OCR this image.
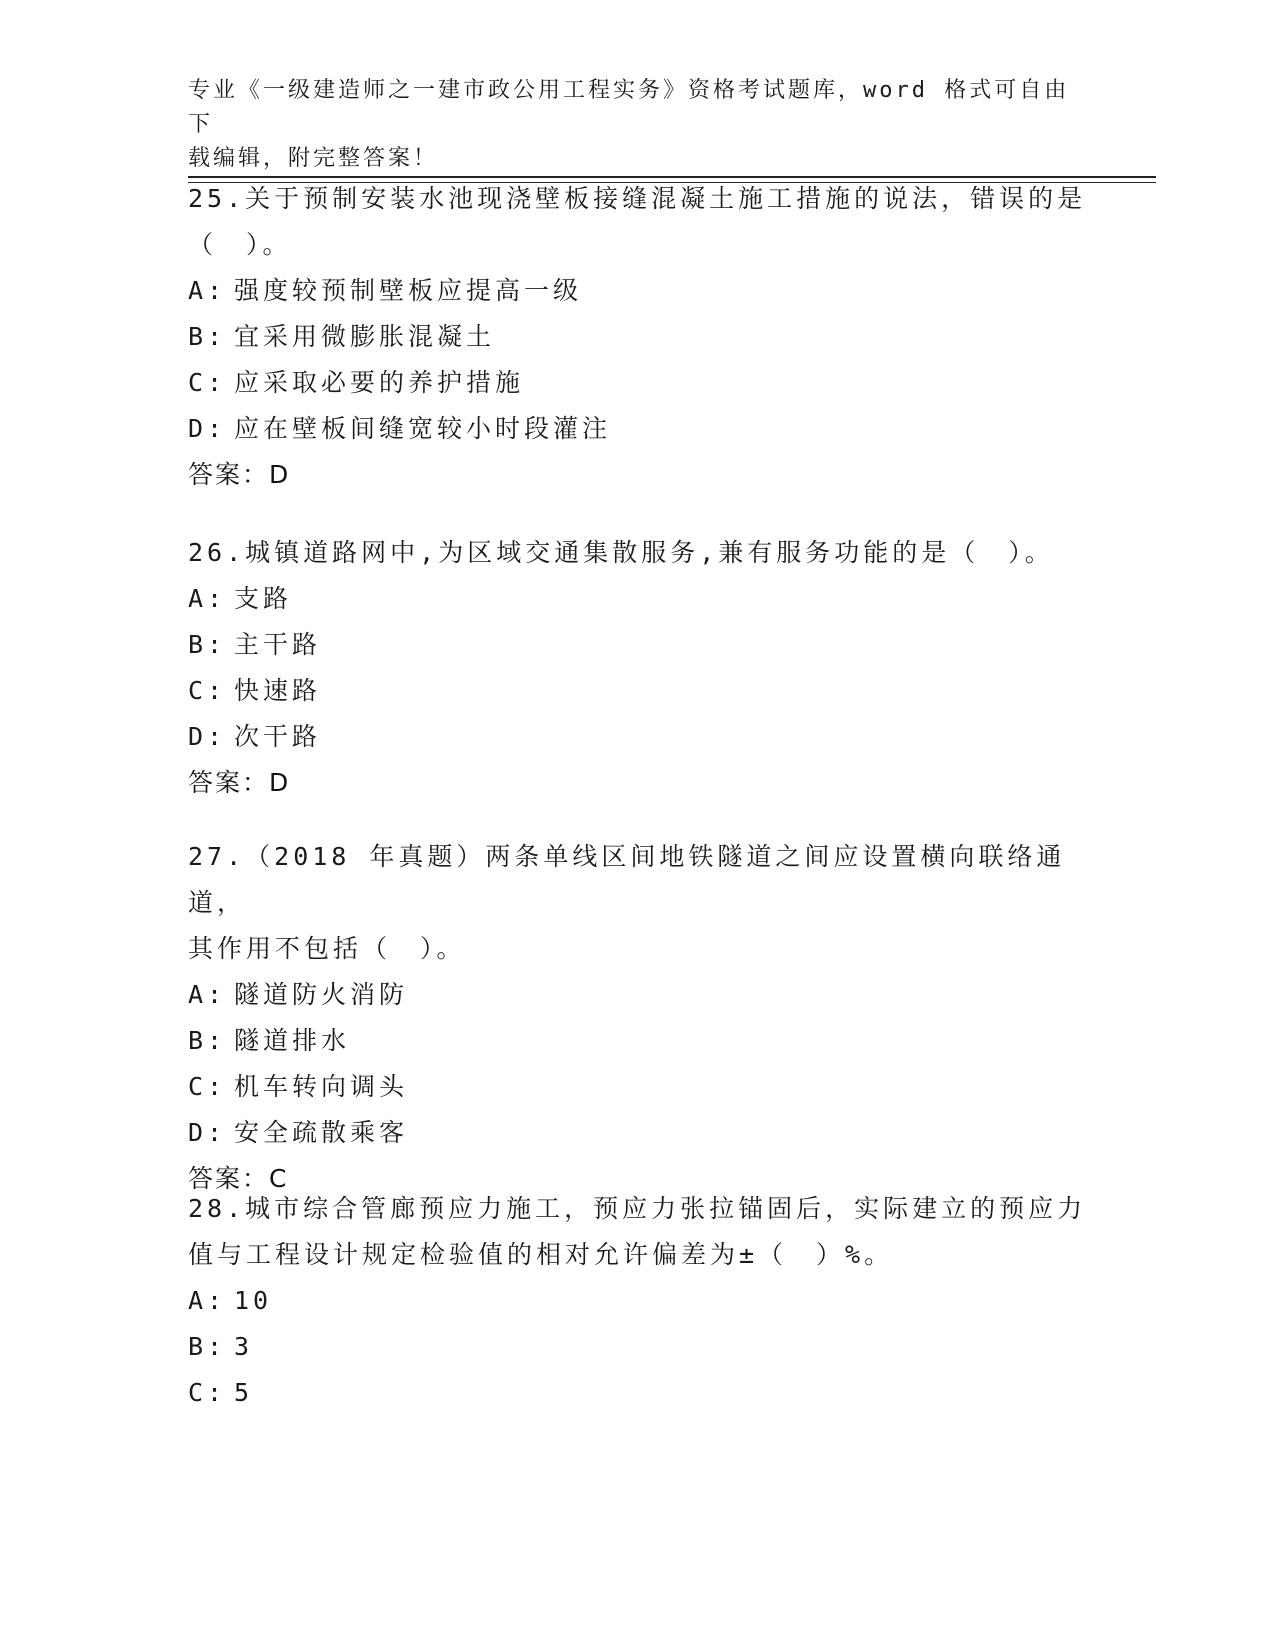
专业《一级建造师之一建市政公用工程实务》资格考试题库，word 格式可自由下
载编辑，附完整答案！

25.关于预制安装水池现浇壁板接缝混凝土施工措施的说法，错误的是

（　）。

A: 强度较预制壁板应提高一级

B: 宜采用微膨胀混凝土

C: 应采取必要的养护措施

D: 应在壁板间缝宽较小时段灌注

答案：D

26.城镇道路网中,为区域交通集散服务,兼有服务功能的是（　）。

A: 支路

B: 主干路

C: 快速路

D: 次干路

答案：D

27.（2018 年真题）两条单线区间地铁隧道之间应设置横向联络通道，

其作用不包括（　）。

A: 隧道防火消防

B: 隧道排水

C: 机车转向调头

D: 安全疏散乘客

答案：C

28.城市综合管廊预应力施工，预应力张拉锚固后，实际建立的预应力

值与工程设计规定检验值的相对允许偏差为±（　）%。

A: 10

B: 3

C: 5
